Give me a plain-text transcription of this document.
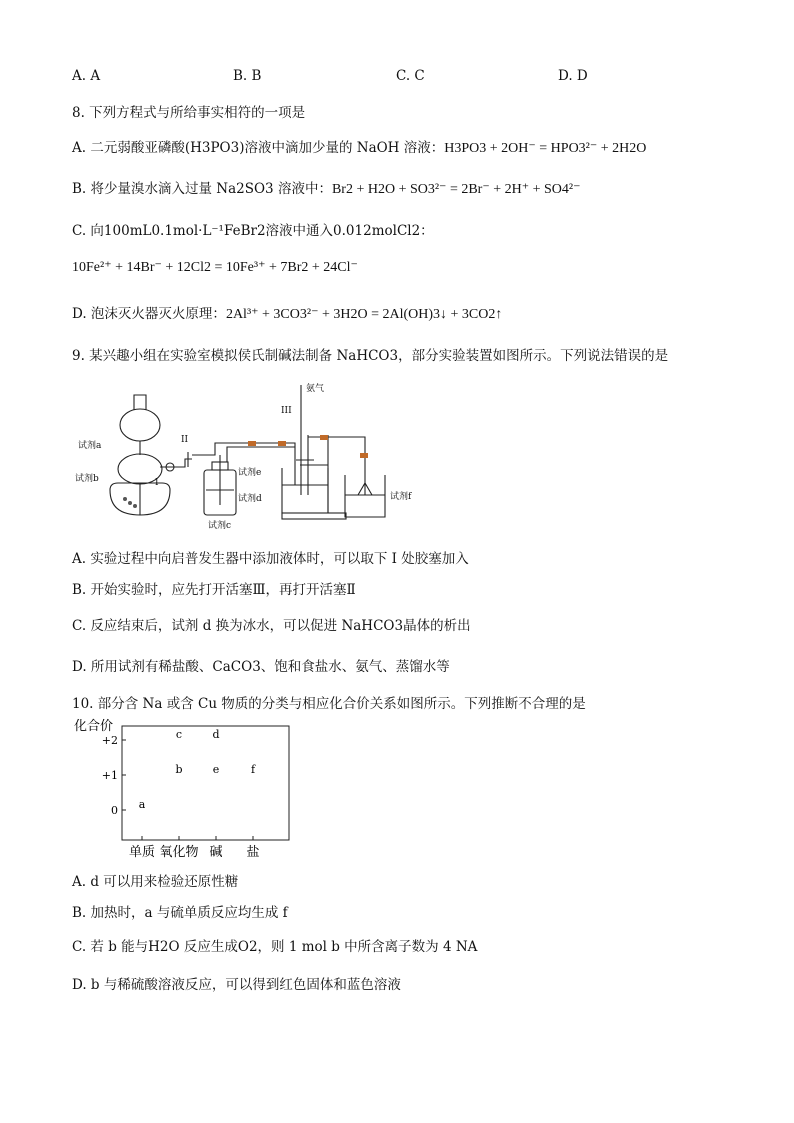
A. A	B. B	C. C	D. D
8. 下列方程式与所给事实相符的一项是
A. 二元弱酸亚磷酸(H3PO3)溶液中滴加少量的 NaOH 溶液：H3PO3 + 2OH⁻ = HPO3²⁻ + 2H2O
B. 将少量溴水滴入过量 Na2SO3 溶液中：Br2 + H2O + SO3²⁻ = 2Br⁻ + 2H⁺ + SO4²⁻
C. 向100mL0.1mol·L⁻¹FeBr2溶液中通入0.012molCl2：
10Fe²⁺ + 14Br⁻ + 12Cl2 = 10Fe³⁺ + 7Br2 + 24Cl⁻
D. 泡沫灭火器灭火原理：2Al³⁺ + 3CO3²⁻ + 3H2O = 2Al(OH)3↓ + 3CO2↑
9. 某兴趣小组在实验室模拟侯氏制碱法制备 NaHCO3，部分实验装置如图所示。下列说法错误的是
氨气
III
II
I
试剂a
试剂b
试剂c
试剂d
试剂e
试剂f
A. 实验过程中向启普发生器中添加液体时，可以取下 I 处胶塞加入
B. 开始实验时，应先打开活塞Ⅲ，再打开活塞Ⅱ
C. 反应结束后，试剂 d 换为冰水，可以促进 NaHCO3晶体的析出
D. 所用试剂有稀盐酸、CaCO3、饱和食盐水、氨气、蒸馏水等
10. 部分含 Na 或含 Cu 物质的分类与相应化合价关系如图所示。下列推断不合理的是
化合价
+2
+1
0
单质 氧化物 碱 盐
a
b
c	d
e	f
A. d 可以用来检验还原性糖
B. 加热时，a 与硫单质反应均生成 f
C. 若 b 能与H2O 反应生成O2，则 1 mol b 中所含离子数为 4 NA
D. b 与稀硫酸溶液反应，可以得到红色固体和蓝色溶液
